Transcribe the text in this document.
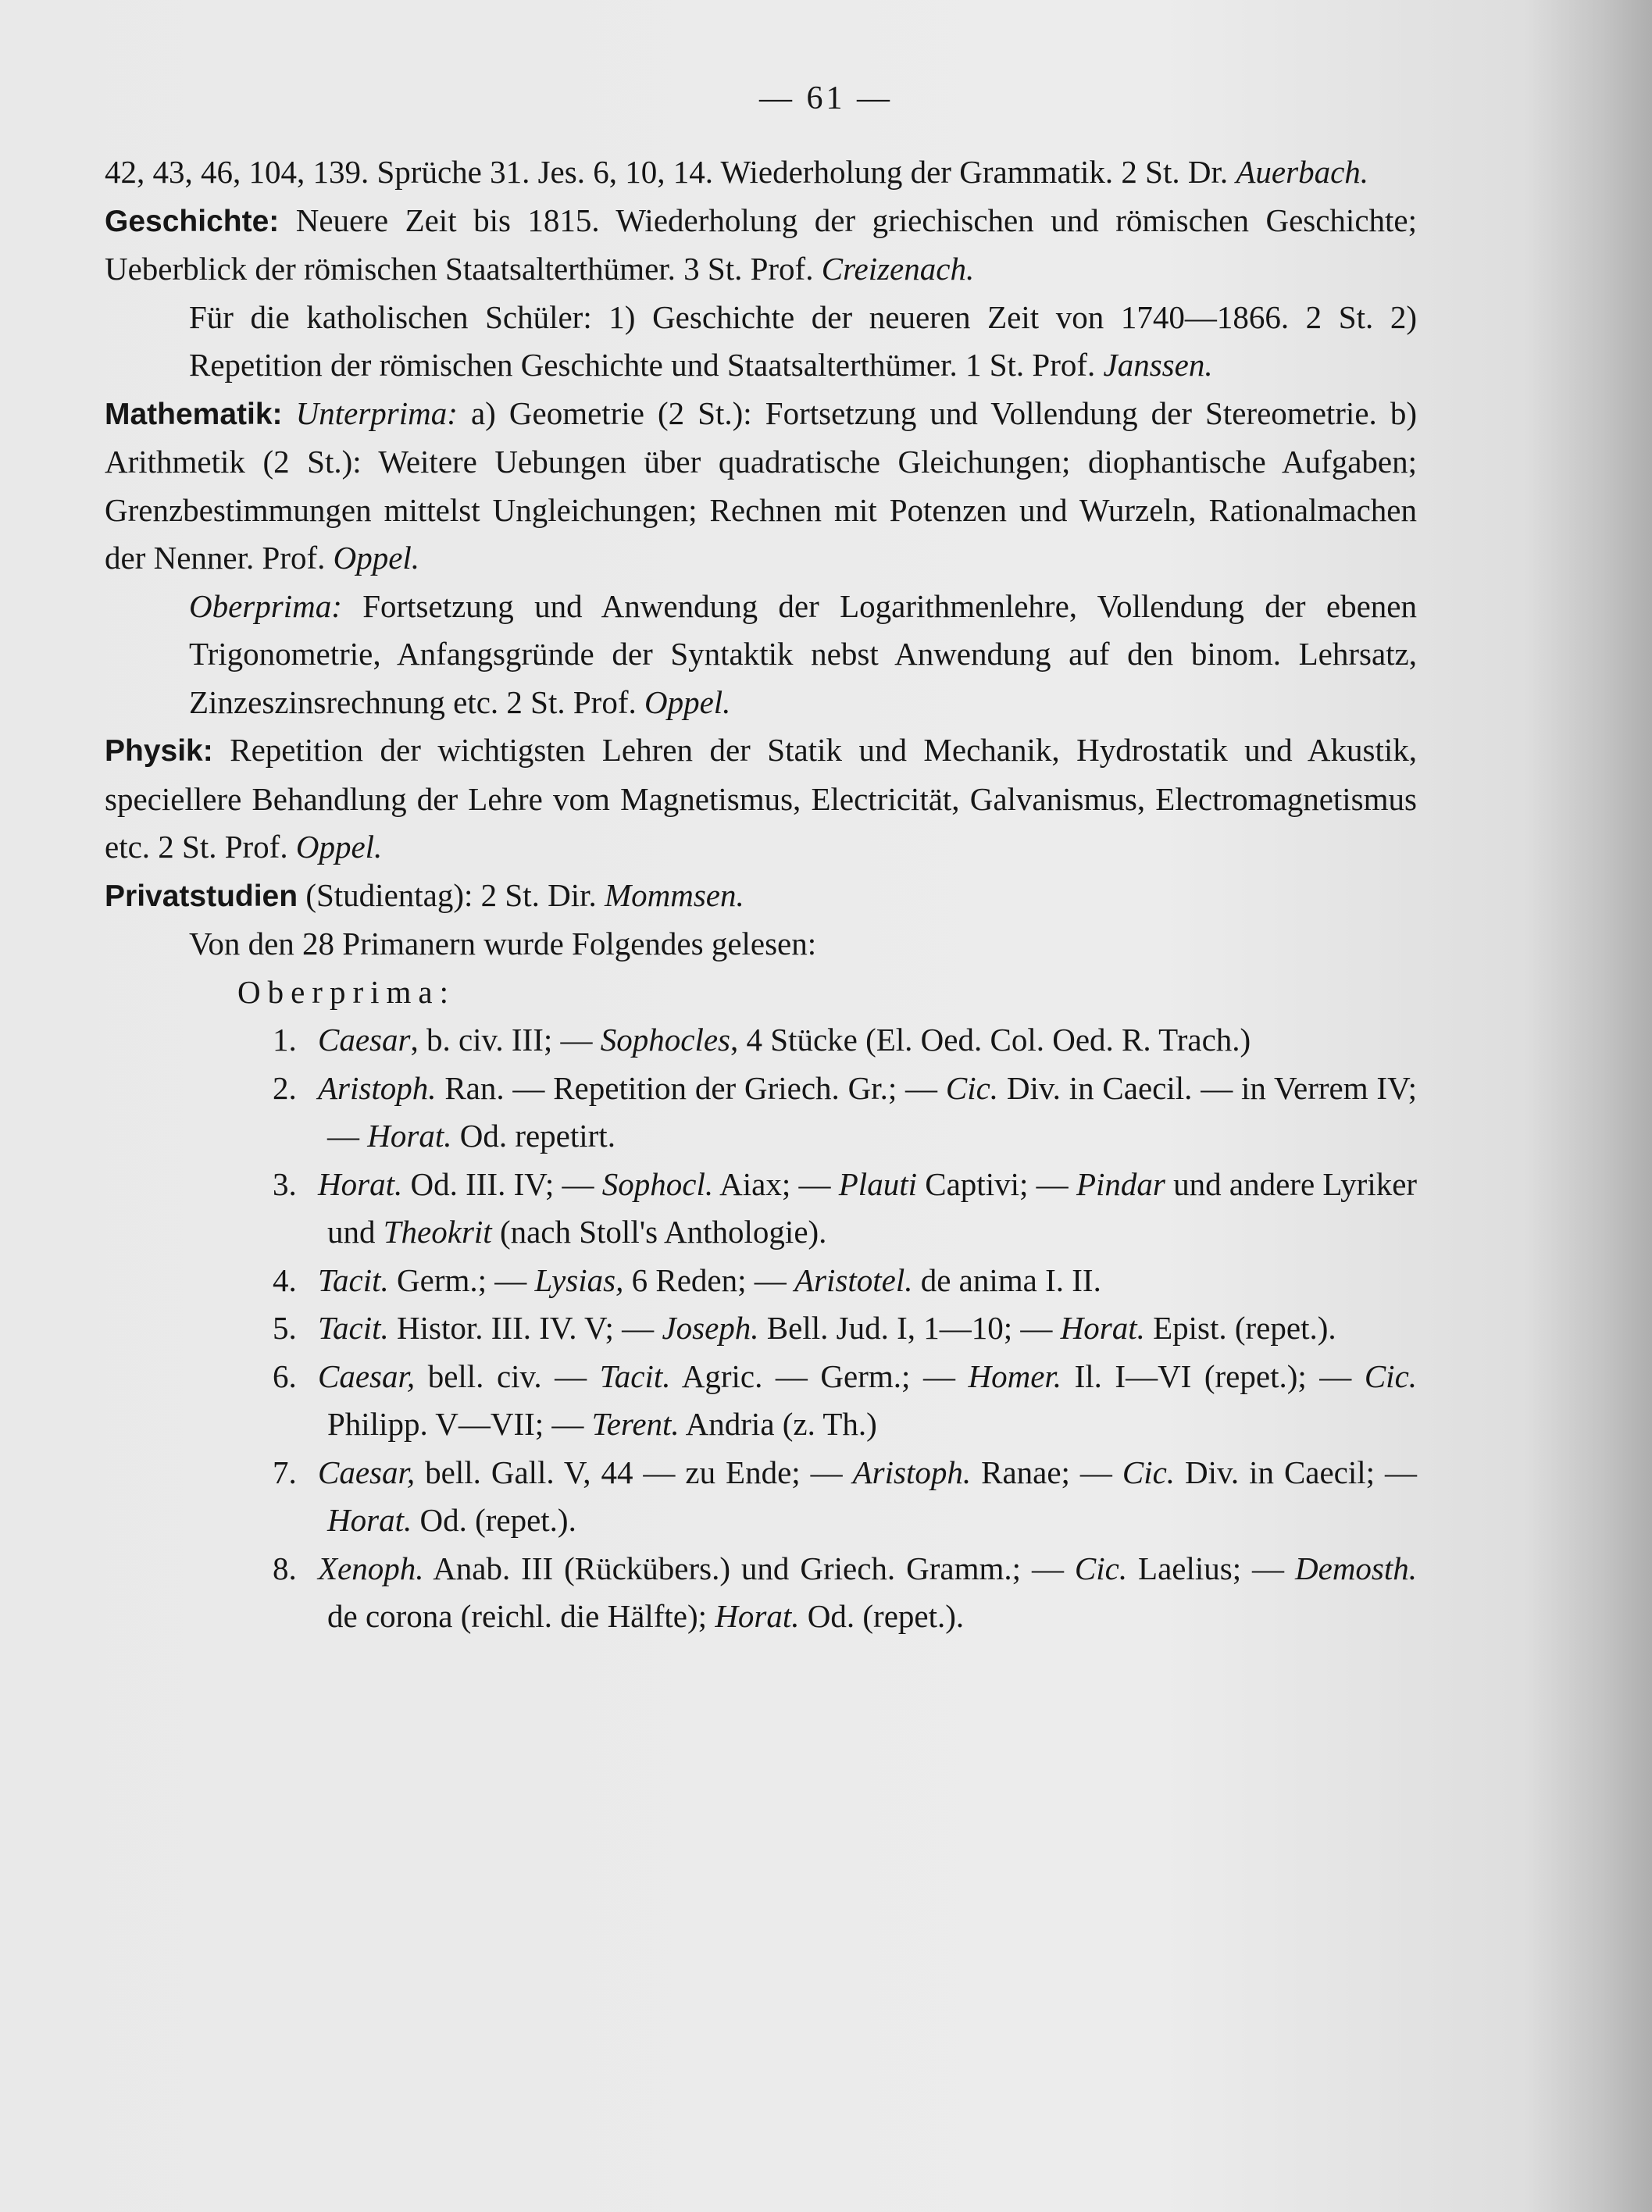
— 61 —

42, 43, 46, 104, 139. Sprüche 31. Jes. 6, 10, 14. Wiederholung der Grammatik. 2 St. Dr. Auerbach.

Geschichte: Neuere Zeit bis 1815. Wiederholung der griechischen und römischen Geschichte; Ueberblick der römischen Staatsalterthümer. 3 St. Prof. Creizenach.

Für die katholischen Schüler: 1) Geschichte der neueren Zeit von 1740—1866. 2 St. 2) Repetition der römischen Geschichte und Staatsalterthümer. 1 St. Prof. Janssen.

Mathematik: Unterprima: a) Geometrie (2 St.): Fortsetzung und Vollendung der Stereometrie. b) Arithmetik (2 St.): Weitere Uebungen über quadratische Gleichungen; diophantische Aufgaben; Grenzbestimmungen mittelst Ungleichungen; Rechnen mit Potenzen und Wurzeln, Rationalmachen der Nenner. Prof. Oppel.

Oberprima: Fortsetzung und Anwendung der Logarithmenlehre, Vollendung der ebenen Trigonometrie, Anfangsgründe der Syntaktik nebst Anwendung auf den binom. Lehrsatz, Zinzeszinsrechnung etc. 2 St. Prof. Oppel.

Physik: Repetition der wichtigsten Lehren der Statik und Mechanik, Hydrostatik und Akustik, speciellere Behandlung der Lehre vom Magnetismus, Electricität, Galvanismus, Electromagnetismus etc. 2 St. Prof. Oppel.

Privatstudien (Studientag): 2 St. Dir. Mommsen.

Von den 28 Primanern wurde Folgendes gelesen:

Oberprima:

1. Caesar, b. civ. III; — Sophocles, 4 Stücke (El. Oed. Col. Oed. R. Trach.)

2. Aristoph. Ran. — Repetition der Griech. Gr.; — Cic. Div. in Caecil. — in Verrem IV; — Horat. Od. repetirt.

3. Horat. Od. III. IV; — Sophocl. Aiax; — Plauti Captivi; — Pindar und andere Lyriker und Theokrit (nach Stoll's Anthologie).

4. Tacit. Germ.; — Lysias, 6 Reden; — Aristotel. de anima I. II.

5. Tacit. Histor. III. IV. V; — Joseph. Bell. Jud. I, 1—10; — Horat. Epist. (repet.).

6. Caesar, bell. civ. — Tacit. Agric. — Germ.; — Homer. Il. I—VI (repet.); — Cic. Philipp. V—VII; — Terent. Andria (z. Th.)

7. Caesar, bell. Gall. V, 44 — zu Ende; — Aristoph. Ranae; — Cic. Div. in Caecil; — Horat. Od. (repet.).

8. Xenoph. Anab. III (Rückübers.) und Griech. Gramm.; — Cic. Laelius; — Demosth. de corona (reichl. die Hälfte); Horat. Od. (repet.).
